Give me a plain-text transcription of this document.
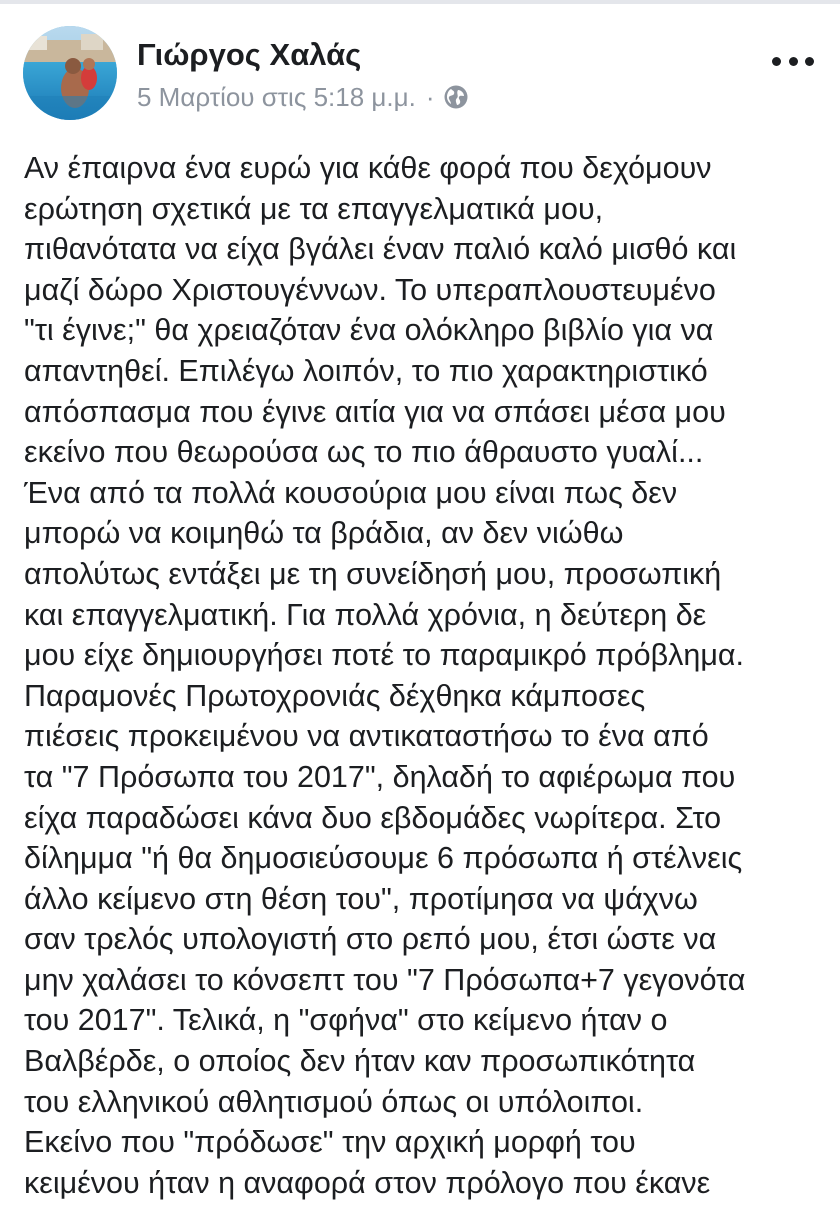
Γιώργος Χαλάς
5 Μαρτίου στις 5:18 μ.μ. ·
Αν έπαιρνα ένα ευρώ για κάθε φορά που δεχόμουν
ερώτηση σχετικά με τα επαγγελματικά μου,
πιθανότατα να είχα βγάλει έναν παλιό καλό μισθό και
μαζί δώρο Χριστουγέννων. Το υπεραπλουστευμένο
"τι έγινε;" θα χρειαζόταν ένα ολόκληρο βιβλίο για να
απαντηθεί. Επιλέγω λοιπόν, το πιο χαρακτηριστικό
απόσπασμα που έγινε αιτία για να σπάσει μέσα μου
εκείνο που θεωρούσα ως το πιο άθραυστο γυαλί...
Ένα από τα πολλά κουσούρια μου είναι πως δεν
μπορώ να κοιμηθώ τα βράδια, αν δεν νιώθω
απολύτως εντάξει με τη συνείδησή μου, προσωπική
και επαγγελματική. Για πολλά χρόνια, η δεύτερη δε
μου είχε δημιουργήσει ποτέ το παραμικρό πρόβλημα.
Παραμονές Πρωτοχρονιάς δέχθηκα κάμποσες
πιέσεις προκειμένου να αντικαταστήσω το ένα από
τα "7 Πρόσωπα του 2017", δηλαδή το αφιέρωμα που
είχα παραδώσει κάνα δυο εβδομάδες νωρίτερα. Στο
δίλημμα "ή θα δημοσιεύσουμε 6 πρόσωπα ή στέλνεις
άλλο κείμενο στη θέση του", προτίμησα να ψάχνω
σαν τρελός υπολογιστή στο ρεπό μου, έτσι ώστε να
μην χαλάσει το κόνσεπτ του "7 Πρόσωπα+7 γεγονότα
του 2017". Τελικά, η "σφήνα" στο κείμενο ήταν ο
Βαλβέρδε, ο οποίος δεν ήταν καν προσωπικότητα
του ελληνικού αθλητισμού όπως οι υπόλοιποι.
Εκείνο που "πρόδωσε" την αρχική μορφή του
κειμένου ήταν η αναφορά στον πρόλογο που έκανε
